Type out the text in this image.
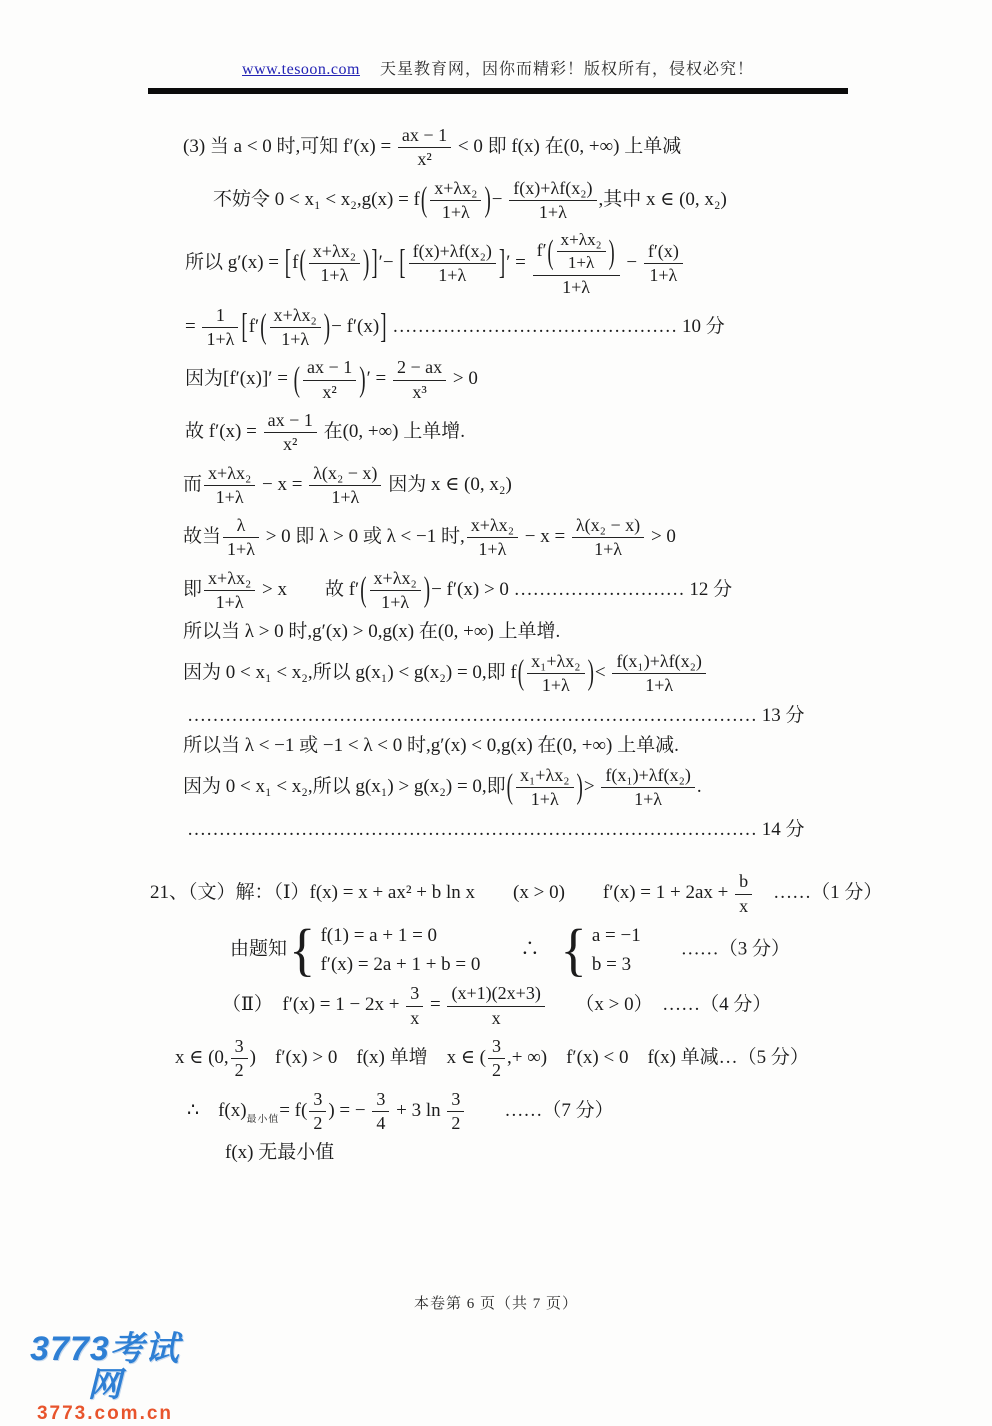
www.tesoon.com 天星教育网，因你而精彩！版权所有，侵权必究！
(3) 当 a < 0 时,可知 $f'(x) = \frac{ax - 1}{\text{x²}} < 0$ 即 f(x) 在(0, +∞) 上单减
不妨令 $0 < x_1 < x_2,g(x) = f( \frac{\text{x+λx₂}}{1+\lambda}$ )− $\frac{\text{f(x)+λf(x₂)}}{1+\lambda}$ ,其中 x ∈ (0, x₂)
所以 $g'(x) = [f( \frac{\text{x+λx₂}}{1+\lambda}$ ) ]′− [ $\frac{\text{f(x)+λf(x₂)}}{1+\lambda}$ ]′ = $\frac{f'( \frac{\text{x+λx₂}}{1+\lambda} )}{1+\lambda} - \frac{f'(x)}{1+\lambda}$
= $\frac{1}{1+\lambda} [f'( \frac{\text{x+λx₂}}{1+\lambda}$ )− f′(x)] ……………………………………… 10 分
因为[f′(x)]′ = ( $\frac{ax - 1}{\text{x²}}$ )′ = $\frac{2 - ax}{\text{x³}} > 0$
故 $f'(x) = \frac{ax - 1}{\text{x²}}$ 在(0, +∞) 上单增.
而 $\frac{\text{x+λx₂}}{1+\lambda} - x = \frac{\text{λ(x₂ − x)}}{1+\lambda}$ 因为 x ∈ (0, x₂)
故当 $\frac{\lambda}{1+\lambda} > 0$ 即 λ > 0 或 λ < −1 时, $\frac{\text{x+λx₂}}{1+\lambda} - x = \frac{\text{λ(x₂ − x)}}{1+\lambda} > 0$
即 $\frac{\text{x+λx₂}}{1+\lambda} > x$　　故 $f'( \frac{\text{x+λx₂}}{1+\lambda}$ )− f′(x) > 0 ……………………… 12 分
所以当 λ > 0 时,g′(x) > 0,g(x) 在(0, +∞) 上单增.
因为 0 < x₁ < x₂,所以 g(x₁) < g(x₂) = 0,即 $f( \frac{\text{x₁+λx₂}}{1+\lambda}$ )< $\frac{\text{f(x₁)+λf(x₂)}}{1+\lambda}$
……………………………………………………………………………… 13 分
所以当 λ < −1 或 −1 < λ < 0 时,g′(x) < 0,g(x) 在(0, +∞) 上单减.
因为 0 < x₁ < x₂,所以 g(x₁) > g(x₂) = 0,即( $\frac{\text{x₁+λx₂}}{1+\lambda}$ )> $\frac{\text{f(x₁)+λf(x₂)}}{1+\lambda}$ .
……………………………………………………………………………… 14 分
21、（文）解：（Ⅰ）f(x) = x + ax² + b ln x　　(x > 0)　　$f'(x) = 1 + 2ax + \frac{b}{x}$ 　……（1 分）
由题知 { f(1) = a + 1 = 0
f′(x) = 2a + 1 + b = 0
　　∴　 { a = −1
b = 3
　　……（3 分）
（Ⅱ）　$f'(x) = 1 - 2x + \frac{3}{x} = \frac{(x+1)(2x+3)}{x}$ 　　（x > 0）　……（4 分）
x ∈ (0, $\frac{3}{2}$ )　f′(x) > 0　f(x) 单增　x ∈ ( $\frac{3}{2}$ ,+ ∞)　f′(x) < 0　f(x) 单减…（5 分）
∴　$f(x)_{最小值}= f( \frac{3}{2}$ ) = − $\frac{3}{4} + 3$ $\ln \frac{3}{2}$ 　　……（7 分）
f(x) 无最小值
本卷第 6 页（共 7 页）
3773考试网
3773.com.cn
